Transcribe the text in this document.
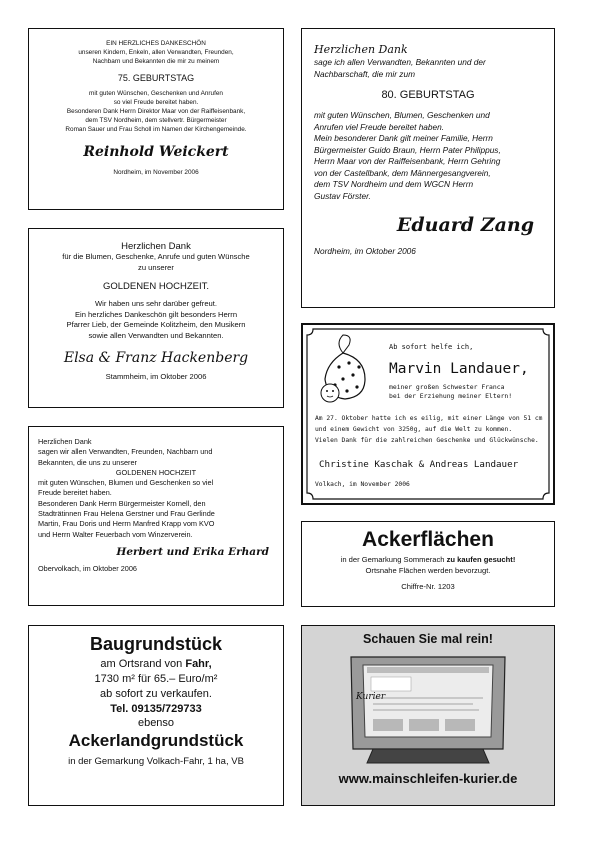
EIN HERZLICHES DANKESCHÖN
unseren Kindern, Enkeln, allen Verwandten, Freunden,
Nachbarn und Bekannten die mir zu meinem
75. GEBURTSTAG
mit guten Wünschen, Geschenken und Anrufen
so viel Freude bereitet haben.
Besonderen Dank Herrn Direktor Maar von der Raiffeisenbank,
dem TSV Nordheim, dem stellvertr. Bürgermeister
Roman Sauer und Frau Scholl im Namen der Kirchengemeinde.
Reinhold Weickert
Nordheim, im November 2006
Herzlichen Dank
sage ich allen Verwandten, Bekannten und der
Nachbarschaft, die mir zum
80. GEBURTSTAG
mit guten Wünschen, Blumen, Geschenken und
Anrufen viel Freude bereitet haben.
Mein besonderer Dank gilt meiner Familie, Herrn
Bürgermeister Guido Braun, Herrn Pater Philippus,
Herrn Maar von der Raiffeisenbank, Herrn Gehring
von der Castellbank, dem Männergesangverein,
dem TSV Nordheim und dem WGCN Herrn
Gustav Förster.
Eduard Zang
Nordheim, im Oktober 2006
Herzlichen Dank
für die Blumen, Geschenke, Anrufe und guten Wünsche
zu unserer
GOLDENEN HOCHZEIT.
Wir haben uns sehr darüber gefreut.
Ein herzliches Dankeschön gilt besonders Herrn
Pfarrer Lieb, der Gemeinde Kolitzheim, den Musikern
sowie allen Verwandten und Bekannten.
Elsa & Franz Hackenberg
Stammheim, im Oktober 2006
Ab sofort helfe ich,
Marvin Landauer,
meiner großen Schwester Franca
bei der Erziehung meiner Eltern!
Am 27. Oktober hatte ich es eilig, mit einer Länge von 51 cm
und einem Gewicht von 3250g, auf die Welt zu kommen.
Vielen Dank für die zahlreichen Geschenke und Glückwünsche.
Christine Kaschak & Andreas Landauer
Volkach, im November 2006
Herzlichen Dank
sagen wir allen Verwandten, Freunden, Nachbarn und
Bekannten, die uns zu unserer
GOLDENEN HOCHZEIT
mit guten Wünschen, Blumen und Geschenken so viel
Freude bereitet haben.
Besonderen Dank Herrn Bürgermeister Kornell, den
Stadträtinnen Frau Helena Gerstner und Frau Gerlinde
Martin, Frau Doris und Herrn Manfred Krapp vom KVO
und Herrn Walter Feuerbach vom Winzerverein.
Herbert und Erika Erhard
Obervolkach, im Oktober 2006
Ackerflächen
in der Gemarkung Sommerach zu kaufen gesucht!
Ortsnahe Flächen werden bevorzugt.
Chiffre-Nr. 1203
Baugrundstück
am Ortsrand von Fahr,
1730 m² für 65.– Euro/m²
ab sofort zu verkaufen.
Tel. 09135/729733
ebenso
Ackerlandgrundstück
in der Gemarkung Volkach-Fahr, 1 ha, VB
Schauen Sie mal rein!
Kurier
www.mainschleifen-kurier.de
